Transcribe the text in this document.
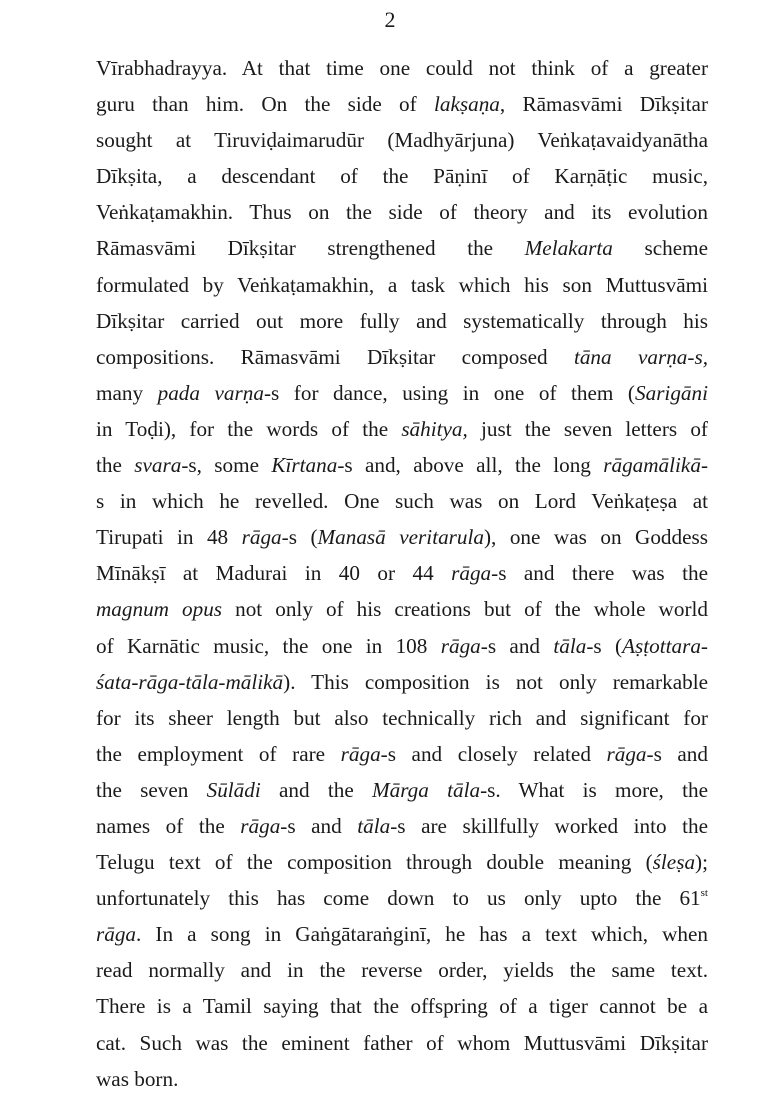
2
Vīrabhadrayya. At that time one could not think of a greater
guru than him. On the side of lakṣaṇa, Rāmasvāmi Dīkṣitar
sought at Tiruviḍaimarudūr (Madhyārjuna) Veṅkaṭavaidyanātha
Dīkṣita, a descendant of the Pāṇinī of Karṇāṭic music,
Veṅkaṭamakhin. Thus on the side of theory and its evolution
Rāmasvāmi Dīkṣitar strengthened the Melakarta scheme
formulated by Veṅkaṭamakhin, a task which his son Muttusvāmi
Dīkṣitar carried out more fully and systematically through his
compositions. Rāmasvāmi Dīkṣitar composed tāna varṇa-s,
many pada varṇa-s for dance, using in one of them (Sarigāni
in Toḍi), for the words of the sāhitya, just the seven letters of
the svara-s, some Kīrtana-s and, above all, the long rāgamālikā-
s in which he revelled. One such was on Lord Veṅkaṭeṣa at
Tirupati in 48 rāga-s (Manasā veritarula), one was on Goddess
Mīnākṣī at Madurai in 40 or 44 rāga-s and there was the
magnum opus not only of his creations but of the whole world
of Karnātic music, the one in 108 rāga-s and tāla-s (Aṣṭottara-
śata-rāga-tāla-mālikā). This composition is not only remarkable
for its sheer length but also technically rich and significant for
the employment of rare rāga-s and closely related rāga-s and
the seven Sūlādi and the Mārga tāla-s. What is more, the
names of the rāga-s and tāla-s are skillfully worked into the
Telugu text of the composition through double meaning (śleṣa);
unfortunately this has come down to us only upto the 61st
rāga. In a song in Gaṅgātaraṅginī, he has a text which, when
read normally and in the reverse order, yields the same text.
There is a Tamil saying that the offspring of a tiger cannot be a
cat. Such was the eminent father of whom Muttusvāmi Dīkṣitar
was born.
